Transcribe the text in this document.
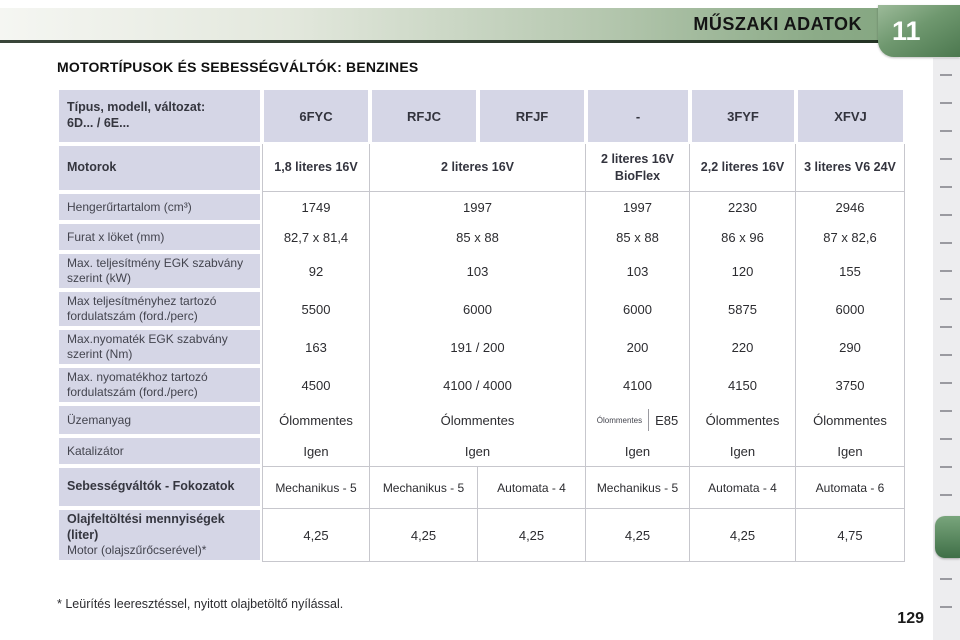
MŰSZAKI ADATOK 11
MOTORTÍPUSOK ÉS SEBESSÉGVÁLTÓK: BENZINES
Típus, modell, változat:
6D... / 6E...	6FYC	RFJC	RFJF	-	3FYF	XFVJ
Motorok	1,8 literes 16V	2 literes 16V		2 literes 16V BioFlex	2,2 literes 16V	3 literes V6 24V
Hengerűrtartalom (cm³)	1749	1997		1997	2230	2946
Furat x löket (mm)	82,7 x 81,4	85 x 88		85 x 88	86 x 96	87 x 82,6
Max. teljesítmény EGK szabvány szerint (kW)	92	103		103	120	155
Max teljesítményhez tartozó fordulatszám (ford./perc)	5500	6000		6000	5875	6000
Max.nyomaték EGK szabvány szerint (Nm)	163	191 / 200		200	220	290
Max. nyomatékhoz tartozó fordulatszám (ford./perc)	4500	4100 / 4000		4100	4150	3750
Üzemanyag	Ólommentes	Ólommentes		Ólommentes E85	Ólommentes	Ólommentes
Katalizátor	Igen	Igen		Igen	Igen	Igen
Sebességváltók - Fokozatok	Mechanikus - 5	Mechanikus - 5	Automata - 4	Mechanikus - 5	Automata - 4	Automata - 6

Olajfeltöltési mennyiségek (liter)
Motor (olajszűrőcserével)*	4,25	4,25	4,25	4,25	4,25	4,75
* Leürítés leeresztéssel, nyitott olajbetöltő nyílással.
129
